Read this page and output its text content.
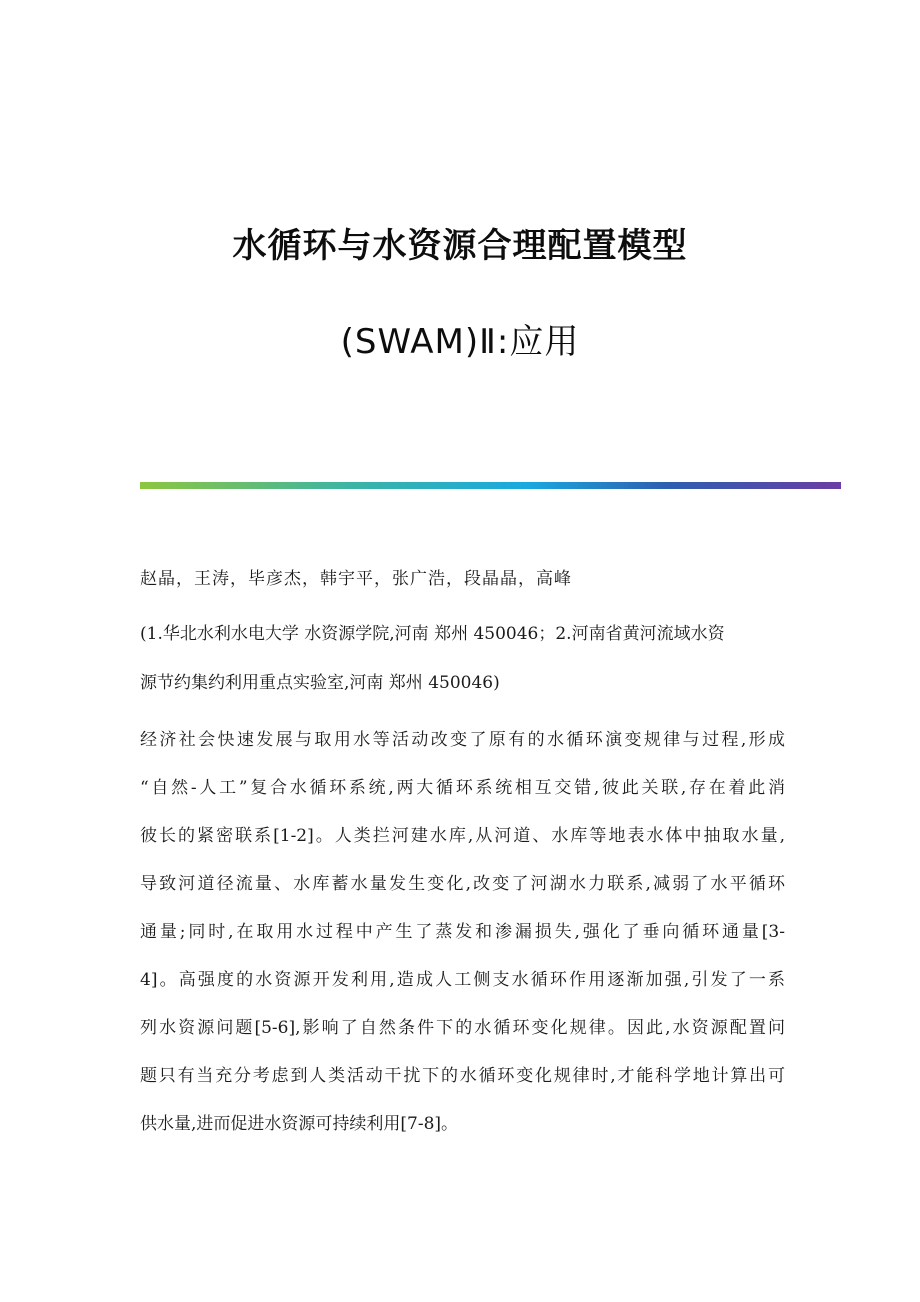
水循环与水资源合理配置模型
(SWAM)Ⅱ:应用
赵晶，王涛，毕彦杰，韩宇平，张广浩，段晶晶，高峰
(1.华北水利水电大学 水资源学院,河南 郑州 450046；2.河南省黄河流域水资
源节约集约利用重点实验室,河南 郑州 450046)
经济社会快速发展与取用水等活动改变了原有的水循环演变规律与过程,形成
“自然-人工”复合水循环系统,两大循环系统相互交错,彼此关联,存在着此消
彼长的紧密联系[1-2]。人类拦河建水库,从河道、水库等地表水体中抽取水量,
导致河道径流量、水库蓄水量发生变化,改变了河湖水力联系,减弱了水平循环
通量;同时,在取用水过程中产生了蒸发和渗漏损失,强化了垂向循环通量[3-
4]。高强度的水资源开发利用,造成人工侧支水循环作用逐渐加强,引发了一系
列水资源问题[5-6],影响了自然条件下的水循环变化规律。因此,水资源配置问
题只有当充分考虑到人类活动干扰下的水循环变化规律时,才能科学地计算出可
供水量,进而促进水资源可持续利用[7-8]。
